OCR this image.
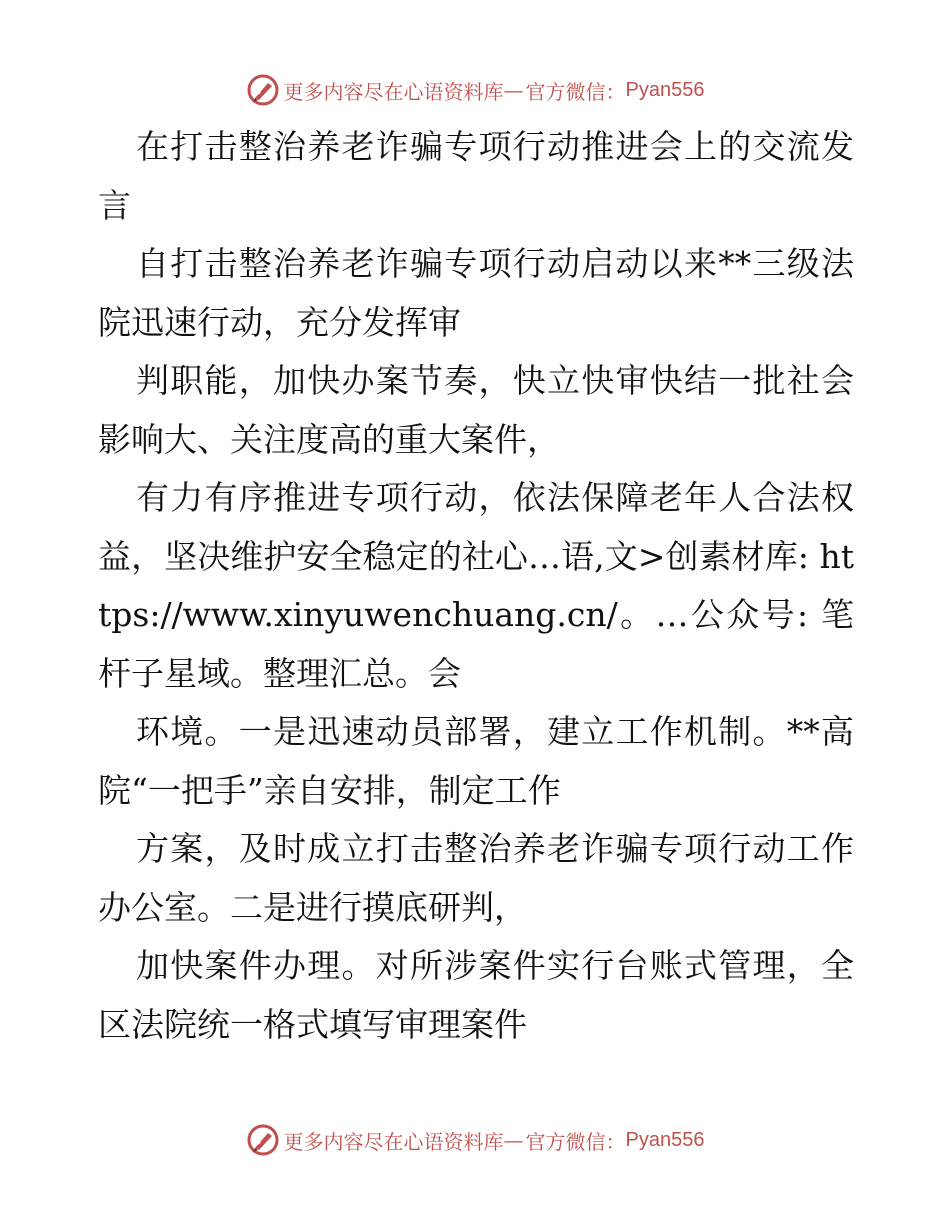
更多内容尽在心语资料库 — 官方微信： Pyan556

在打击整治养老诈骗专项行动推进会上的交流发言

自打击整治养老诈骗专项行动启动以来**三级法院迅速行动，充分发挥审

判职能，加快办案节奏，快立快审快结一批社会影响大、关注度高的重大案件，

有力有序推进专项行动，依法保障老年人合法权益，坚决维护安全稳定的社心…语,文>创素材库: https://www.xinyuwenchuang.cn/。…公众号: 笔杆子星域。整理汇总。会

环境。一是迅速动员部署，建立工作机制。**高院“一把手”亲自安排，制定工作

方案，及时成立打击整治养老诈骗专项行动工作办公室。二是进行摸底研判，

加快案件办理。对所涉案件实行台账式管理，全区法院统一格式填写审理案件

更多内容尽在心语资料库 — 官方微信： Pyan556
